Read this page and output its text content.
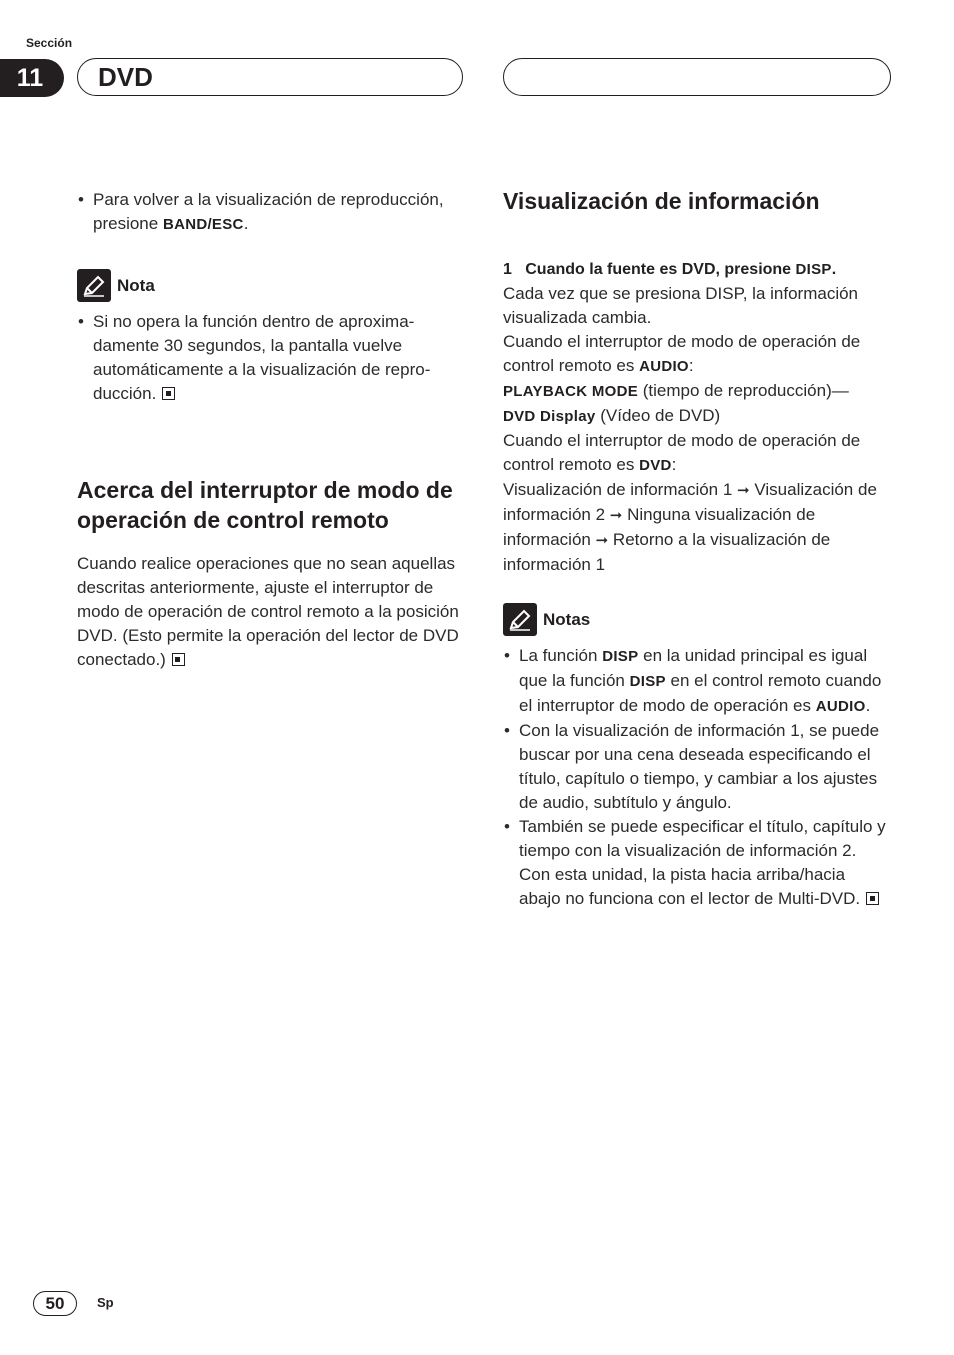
Sección
11	DVD
• Para volver a la visualización de reproducción, presione BAND/ESC.
Nota
• Si no opera la función dentro de aproximadamente 30 segundos, la pantalla vuelve automáticamente a la visualización de reproducción.
Acerca del interruptor de modo de operación de control remoto
Cuando realice operaciones que no sean aquellas descritas anteriormente, ajuste el interruptor de modo de operación de control remoto a la posición DVD. (Esto permite la operación del lector de DVD conectado.)
Visualización de información
1 Cuando la fuente es DVD, presione DISP.
Cada vez que se presiona DISP, la información visualizada cambia.
Cuando el interruptor de modo de operación de control remoto es AUDIO:
PLAYBACK MODE (tiempo de reproducción)—
DVD Display (Vídeo de DVD)
Cuando el interruptor de modo de operación de control remoto es DVD:
Visualización de información 1 ➞ Visualización de información 2 ➞ Ninguna visualización de información ➞ Retorno a la visualización de información 1
Notas
• La función DISP en la unidad principal es igual que la función DISP en el control remoto cuando el interruptor de modo de operación es AUDIO.
• Con la visualización de información 1, se puede buscar por una cena deseada especificando el título, capítulo o tiempo, y cambiar a los ajustes de audio, subtítulo y ángulo.
• También se puede especificar el título, capítulo y tiempo con la visualización de información 2. Con esta unidad, la pista hacia arriba/hacia abajo no funciona con el lector de Multi-DVD.
50	Sp
